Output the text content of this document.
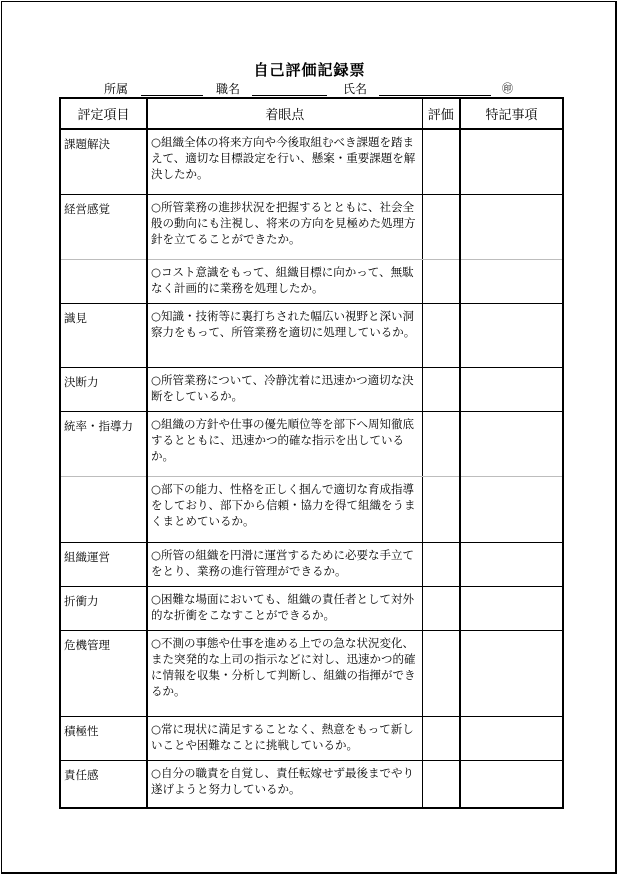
自己評価記録票
所属	職名	氏名	㊞
評定項目	着眼点	評価	特記事項
課題解決	○組織全体の将来方向や今後取組むべき課題を踏まえて、適切な目標設定を行い、懸案・重要課題を解決したか。		
経営感覚	○所管業務の進捗状況を把握するとともに、社会全般の動向にも注視し、将来の方向を見極めた処理方針を立てることができたか。		
	○コスト意識をもって、組織目標に向かって、無駄なく計画的に業務を処理したか。		
識見	○知識・技術等に裏打ちされた幅広い視野と深い洞察力をもって、所管業務を適切に処理しているか。		
決断力	○所管業務について、冷静沈着に迅速かつ適切な決断をしているか。		
統率・指導力	○組織の方針や仕事の優先順位等を部下へ周知徹底するとともに、迅速かつ的確な指示を出しているか。		
	○部下の能力、性格を正しく掴んで適切な育成指導をしており、部下から信頼・協力を得て組織をうまくまとめているか。		
組織運営	○所管の組織を円滑に運営するために必要な手立てをとり、業務の進行管理ができるか。		
折衝力	○困難な場面においても、組織の責任者として対外的な折衝をこなすことができるか。		
危機管理	○不測の事態や仕事を進める上での急な状況変化、また突発的な上司の指示などに対し、迅速かつ的確に情報を収集・分析して判断し、組織の指揮ができるか。		
積極性	○常に現状に満足することなく、熱意をもって新しいことや困難なことに挑戦しているか。		
責任感	○自分の職責を自覚し、責任転嫁せず最後までやり遂げようと努力しているか。		
